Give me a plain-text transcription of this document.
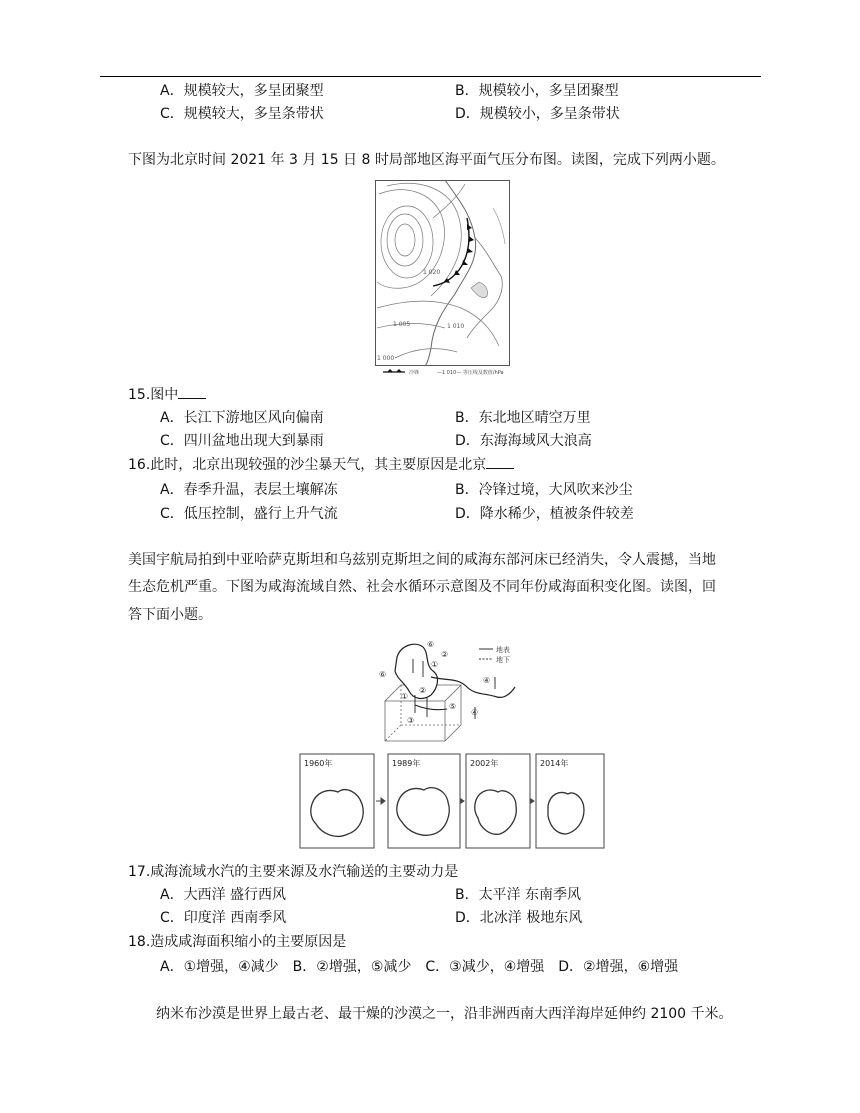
A．规模较大，多呈团聚型	B．规模较小，多呈团聚型
C．规模较大，多呈条带状	D．规模较小，多呈条带状
下图为北京时间 2021 年 3 月 15 日 8 时局部地区海平面气压分布图。读图，完成下列两小题。
1 000
1 020
1 010
1 005
冷锋	—1 010— 等压线及数值/hPa
15.图中
A．长江下游地区风向偏南	B．东北地区晴空万里
C．四川盆地出现大到暴雨	D．东海海域风大浪高
16.此时，北京出现较强的沙尘暴天气，其主要原因是北京
A．春季升温，表层土壤解冻	B．冷锋过境，大风吹来沙尘
C．低压控制，盛行上升气流	D．降水稀少，植被条件较差
美国宇航局拍到中亚哈萨克斯坦和乌兹别克斯坦之间的咸海东部河床已经消失，令人震撼，当地
生态危机严重。下图为咸海流域自然、社会水循环示意图及不同年份咸海面积变化图。读图，回
答下面小题。
地表
地下
⑥
①
②
⑥
①
②
③
④
⑤
④
1960年	1989年	2002年	2014年
17.咸海流域水汽的主要来源及水汽输送的主要动力是
A．大西洋 盛行西风	B．太平洋 东南季风
C．印度洋 西南季风	D．北冰洋 极地东风
18.造成咸海面积缩小的主要原因是
A．①增强，④减少　B．②增强，⑤减少　C．③减少，④增强　D．②增强，⑥增强
纳米布沙漠是世界上最古老、最干燥的沙漠之一，沿非洲西南大西洋海岸延伸约 2100 千米。
